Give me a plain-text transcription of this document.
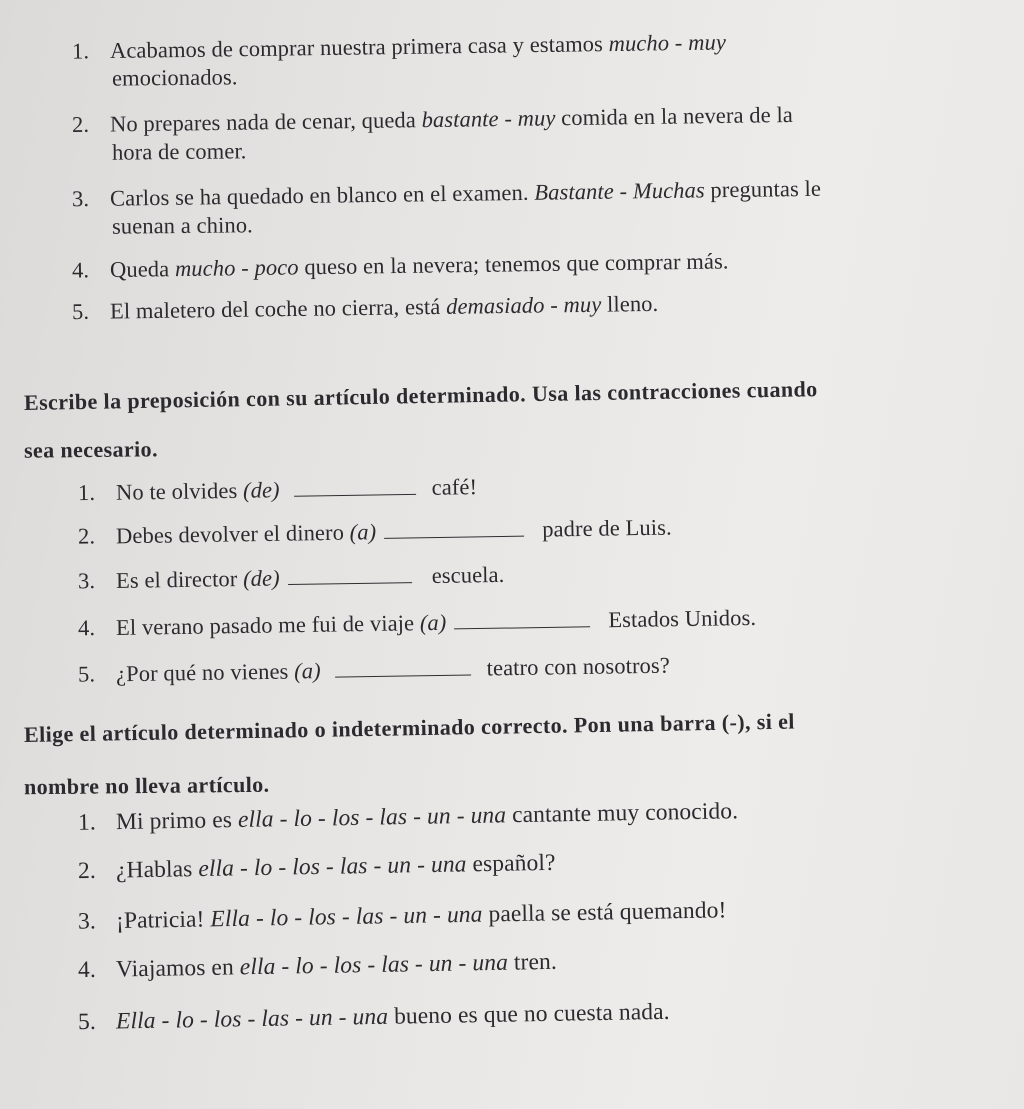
1. Acabamos de comprar nuestra primera casa y estamos mucho - muy
emocionados.
2. No prepares nada de cenar, queda bastante - muy comida en la nevera de la
hora de comer.
3. Carlos se ha quedado en blanco en el examen. Bastante - Muchas preguntas le
suenan a chino.
4. Queda mucho - poco queso en la nevera; tenemos que comprar más.
5. El maletero del coche no cierra, está demasiado - muy lleno.
Escribe la preposición con su artículo determinado. Usa las contracciones cuando
sea necesario.
1. No te olvides (de)	café!
2. Debes devolver el dinero (a)	padre de Luis.
3. Es el director (de)	escuela.
4. El verano pasado me fui de viaje (a)	Estados Unidos.
5. ¿Por qué no vienes (a)	teatro con nosotros?
Elige el artículo determinado o indeterminado correcto. Pon una barra (-), si el
nombre no lleva artículo.
1. Mi primo es ella - lo - los - las - un - una cantante muy conocido.
2. ¿Hablas ella - lo - los - las - un - una español?
3. ¡Patricia! Ella - lo - los - las - un - una paella se está quemando!
4. Viajamos en ella - lo - los - las - un - una tren.
5. Ella - lo - los - las - un - una bueno es que no cuesta nada.
